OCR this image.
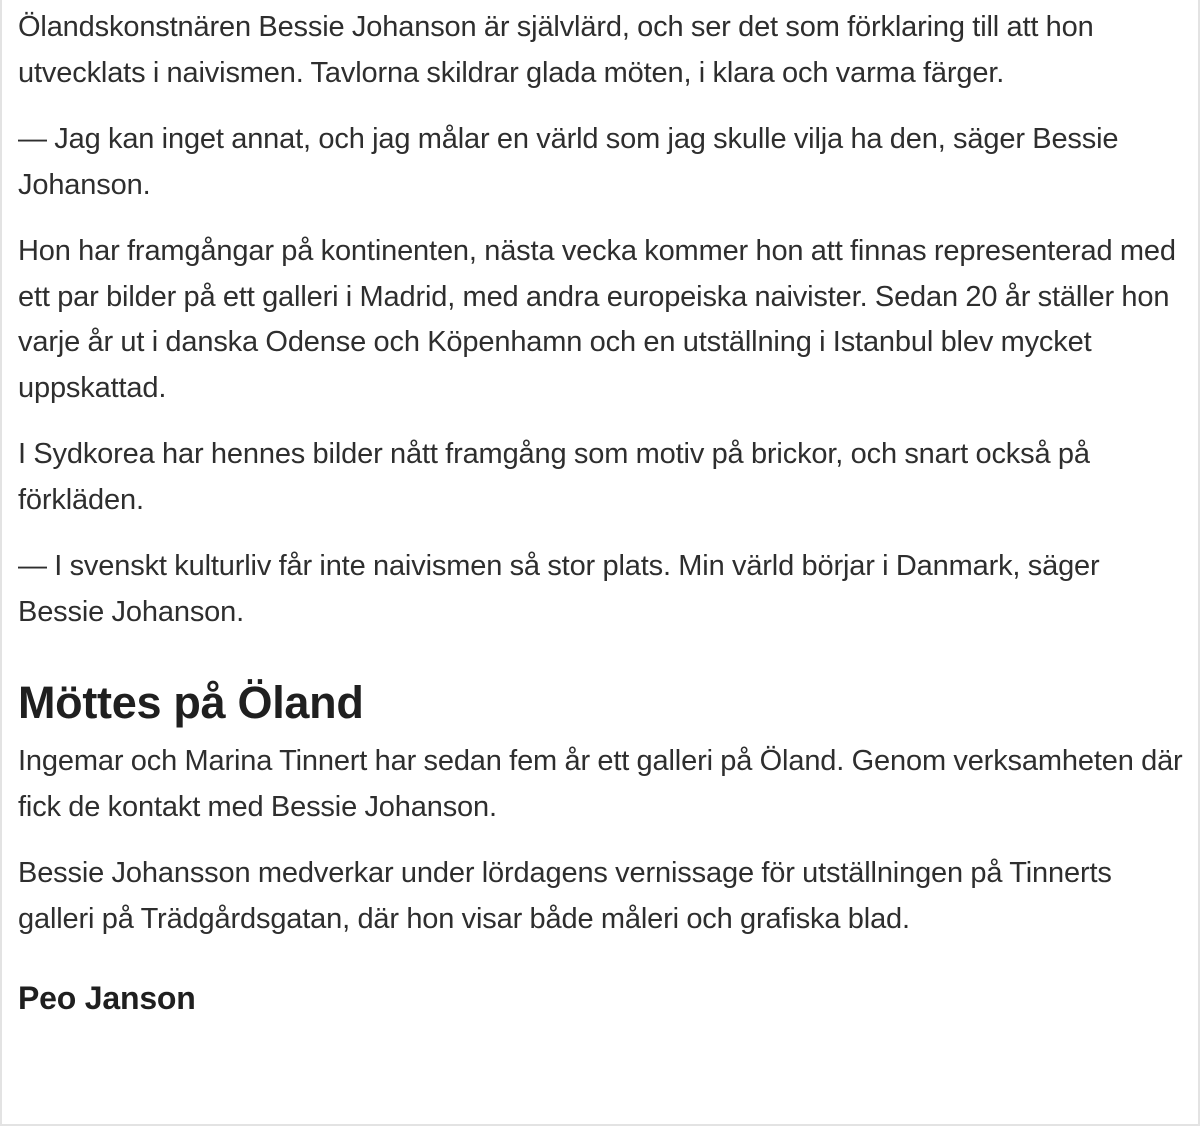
Ölandskonstnären Bessie Johanson är självlärd, och ser det som förklaring till att hon utvecklats i naivismen. Tavlorna skildrar glada möten, i klara och varma färger.

— Jag kan inget annat, och jag målar en värld som jag skulle vilja ha den, säger Bessie Johanson.

Hon har framgångar på kontinenten, nästa vecka kommer hon att finnas representerad med ett par bilder på ett galleri i Madrid, med andra europeiska naivister. Sedan 20 år ställer hon varje år ut i danska Odense och Köpenhamn och en utställning i Istanbul blev mycket uppskattad.

I Sydkorea har hennes bilder nått framgång som motiv på brickor, och snart också på förkläden.

— I svenskt kulturliv får inte naivismen så stor plats. Min värld börjar i Danmark, säger Bessie Johanson.

Möttes på Öland

Ingemar och Marina Tinnert har sedan fem år ett galleri på Öland. Genom verksamheten där fick de kontakt med Bessie Johanson.

Bessie Johansson medverkar under lördagens vernissage för utställningen på Tinnerts galleri på Trädgårdsgatan, där hon visar både måleri och grafiska blad.

Peo Janson
